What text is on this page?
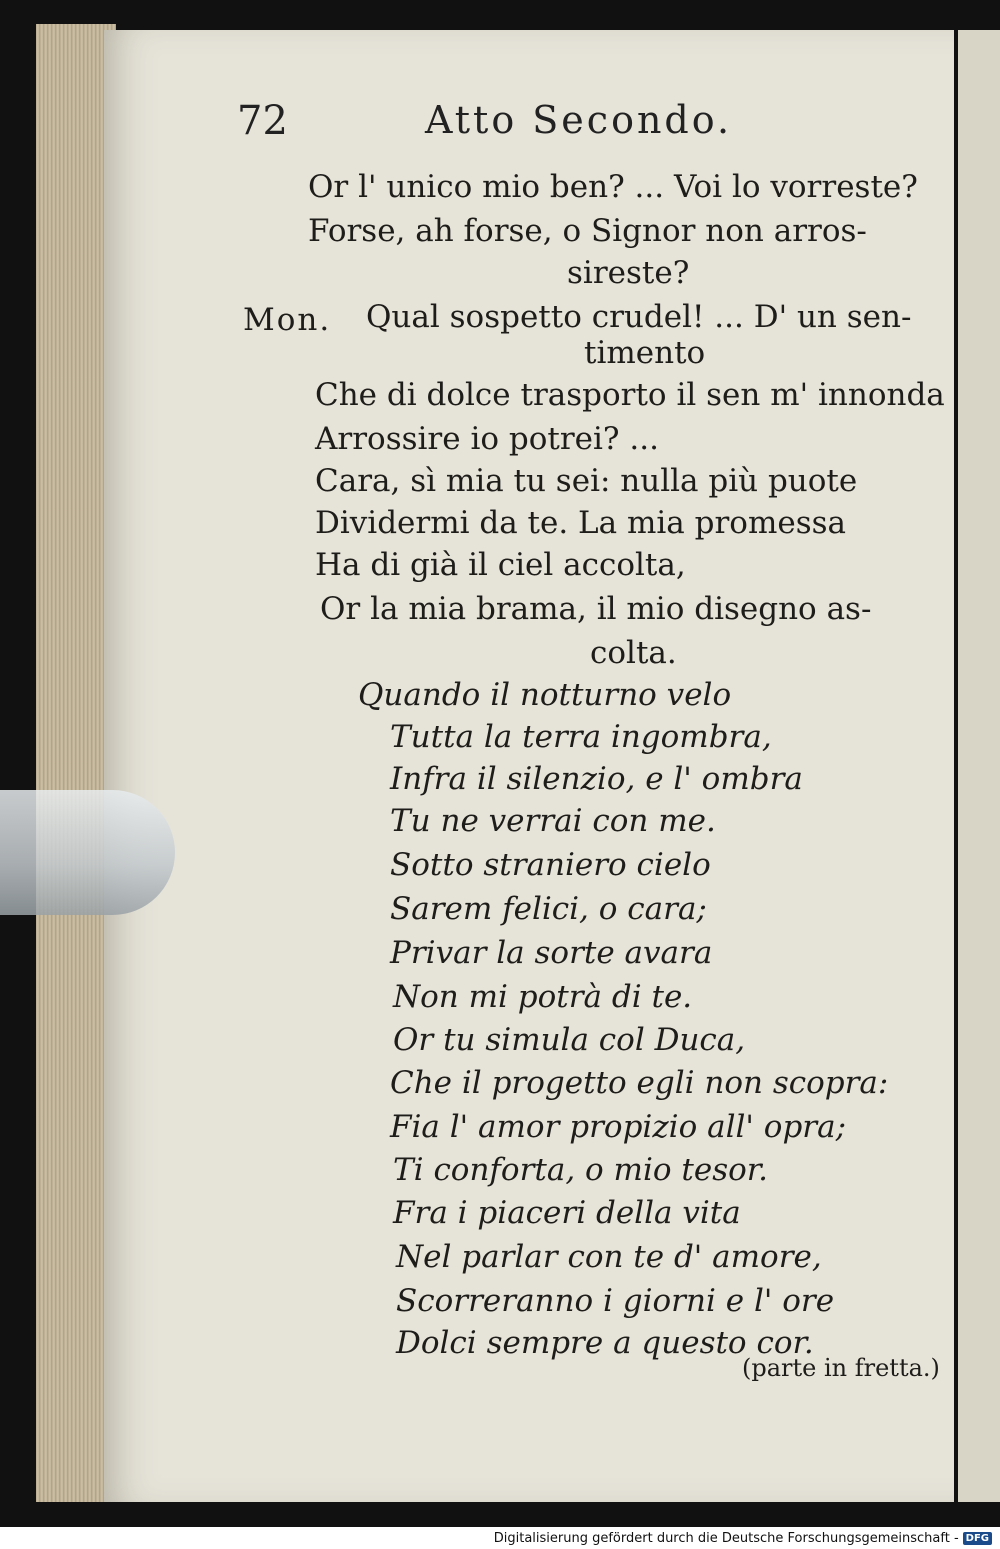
72	Atto Secondo.
Mon.
Or l' unico mio ben? ... Voi lo vorreste?
Forse, ah forse, o Signor non arros-
sireste?
Qual sospetto crudel! ... D' un sen-
timento
Che di dolce trasporto il sen m' innonda
Arrossire io potrei? ...
Cara, sì mia tu sei: nulla più puote
Dividermi da te. La mia promessa
Ha di già il ciel accolta,
Or la mia brama, il mio disegno as-
colta.
Quando il notturno velo
Tutta la terra ingombra,
Infra il silenzio, e l' ombra
Tu ne verrai con me.
Sotto straniero cielo
Sarem felici, o cara;
Privar la sorte avara
Non mi potrà di te.
Or tu simula col Duca,
Che il progetto egli non scopra:
Fia l' amor propizio all' opra;
Ti conforta, o mio tesor.
Fra i piaceri della vita
Nel parlar con te d' amore,
Scorreranno i giorni e l' ore
Dolci sempre a questo cor.
(parte in fretta.)
Digitalisierung gefördert durch die Deutsche Forschungsgemeinschaft - DFG
